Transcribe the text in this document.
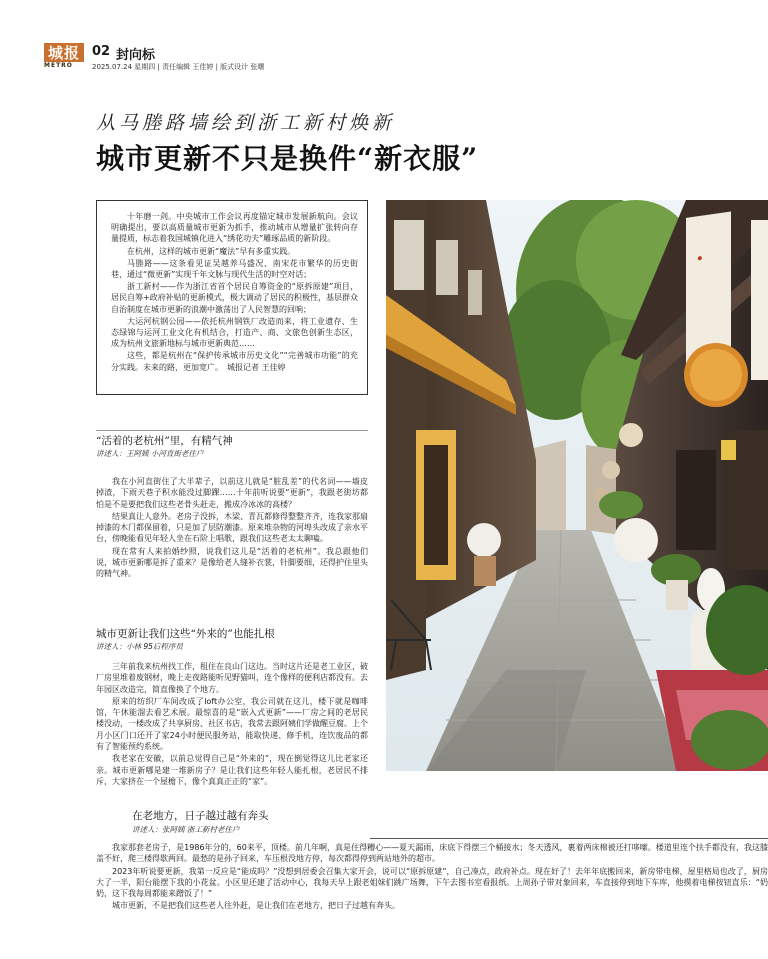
城报
METRO
02 封向标
2025.07.24 星期四 | 责任编辑 王佳婷 | 版式设计 张曙
从马塍路墙绘到浙工新村焕新
城市更新不只是换件“新衣服”

十年磨一剑。中央城市工作会议再度锚定城市发展新航向。会议明确提出，要以高质量城市更新为抓手，推动城市从增量扩张转向存量提质，标志着我国城镇化进入“绣花功夫”雕琢品质的新阶段。

在杭州，这样的城市更新“魔法”早有多重实践。

马塍路——这条看见证吴越养马盛况、南宋花市繁华的历史街巷，通过“微更新”实现千年文脉与现代生活的时空对话；

浙工新村——作为浙江省首个居民自筹资金的“原拆原建”项目，居民自筹+政府补贴的更新模式，极大调动了居民的积极性，基层群众自治制度在城市更新的浪潮中激荡出了人民智慧的回响；

大运河杭钢公园——依托杭州钢铁厂改造而来，将工业遗存、生态绿锦与运河工业文化有机结合，打造产、商、文旅色创新生态区，成为杭州文旅新地标与城市更新典范……

这些，都是杭州在“保护传承城市历史文化”“完善城市功能”的充分实践。未来的路，更加宽广。　城报记者 王佳婷

·
“活着的老杭州”里，有精气神
讲述人：王阿姨 小河直街老住户

我在小河直街住了大半辈子，以前这儿就是“脏乱差”的代名词——墙皮掉渣，下雨天巷子积水能没过脚踝……十年前听说要“更新”，我跟老街坊都怕是不是要把我们这些老骨头赶走，搬成冷冰冰的高楼？

结果真让人意外。老房子没拆，木梁、青瓦都修得整整齐齐，连我家那扇掉漆的木门都保留着，只是加了层防潮漆。原来堆杂物的河埠头改成了亲水平台，傍晚能看见年轻人坐在石阶上唱歌，跟我们这些老太太聊嗑。

现在常有人来拍婚纱照，说我们这儿是“活着的老杭州”。我总跟他们说，城市更新哪是拆了重来？是像给老人缝补衣裳，针脚要细，还得护住里头的精气神。

城市更新让我们这些“外来的”也能扎根
讲述人：小林 95后程序员

三年前我来杭州找工作，租住在良山门这边。当时这片还是老工业区，破厂房里堆着废钢材，晚上走夜路能听见野猫叫，连个像样的便利店都没有。去年园区改造完，简直像换了个地方。

原来的纺织厂车间改成了loft办公室，我公司就在这儿，楼下就是咖啡馆，午休能溜去看艺术展。最惊喜的是“嵌入式更新”——厂房之间的老居民楼没动，一楼改成了共享厨房、社区书店，我常去跟阿姨们学做醒豆腐。上个月小区门口还开了家24小时便民服务站，能取快递、修手机，连饮废品的都有了智能预约系统。

我老家在安徽，以前总觉得自己是“外来的”，现在倒觉得这儿比老家还亲。城市更新哪是建一堆新房子？是让我们这些年轻人能扎根，老居民不排斥，大家挤在一个屋檐下，像个真真正正的“家”。

在老地方，日子越过越有奔头
讲述人：张阿姨 浙工新村老住户

我家那套老房子，是1986年分的，60来平，顶楼。前几年啊，真是住得糟心——夏天漏雨，床底下得摆三个桶接水；冬天透风，裹着两床棉被还打哆嗦。楼道里连个扶手都没有，我这膝盖不好，爬三楼得歇两回。最愁的是孙子回来，车压根没地方停，每次都得停到两站地外的超市。

2023年听说要更新，我第一反应是“能成吗？”没想到居委会召集大家开会，说可以“原拆原建”，自己凑点，政府补点。现在好了！去年年底搬回来，新房带电梯，屋里格局也改了，厨房大了一半，阳台能摆下我的小花盆。小区里还建了活动中心，我每天早上跟老姐妹们跳广场舞，下午去图书室看报纸。上周孙子带对象回来，车直接停到地下车库，他摸着电梯按钮直乐：“奶奶，这下我每周都能来蹭饭了！”

城市更新，不是把我们这些老人往外赶，是让我们在老地方，把日子过越有奔头。
